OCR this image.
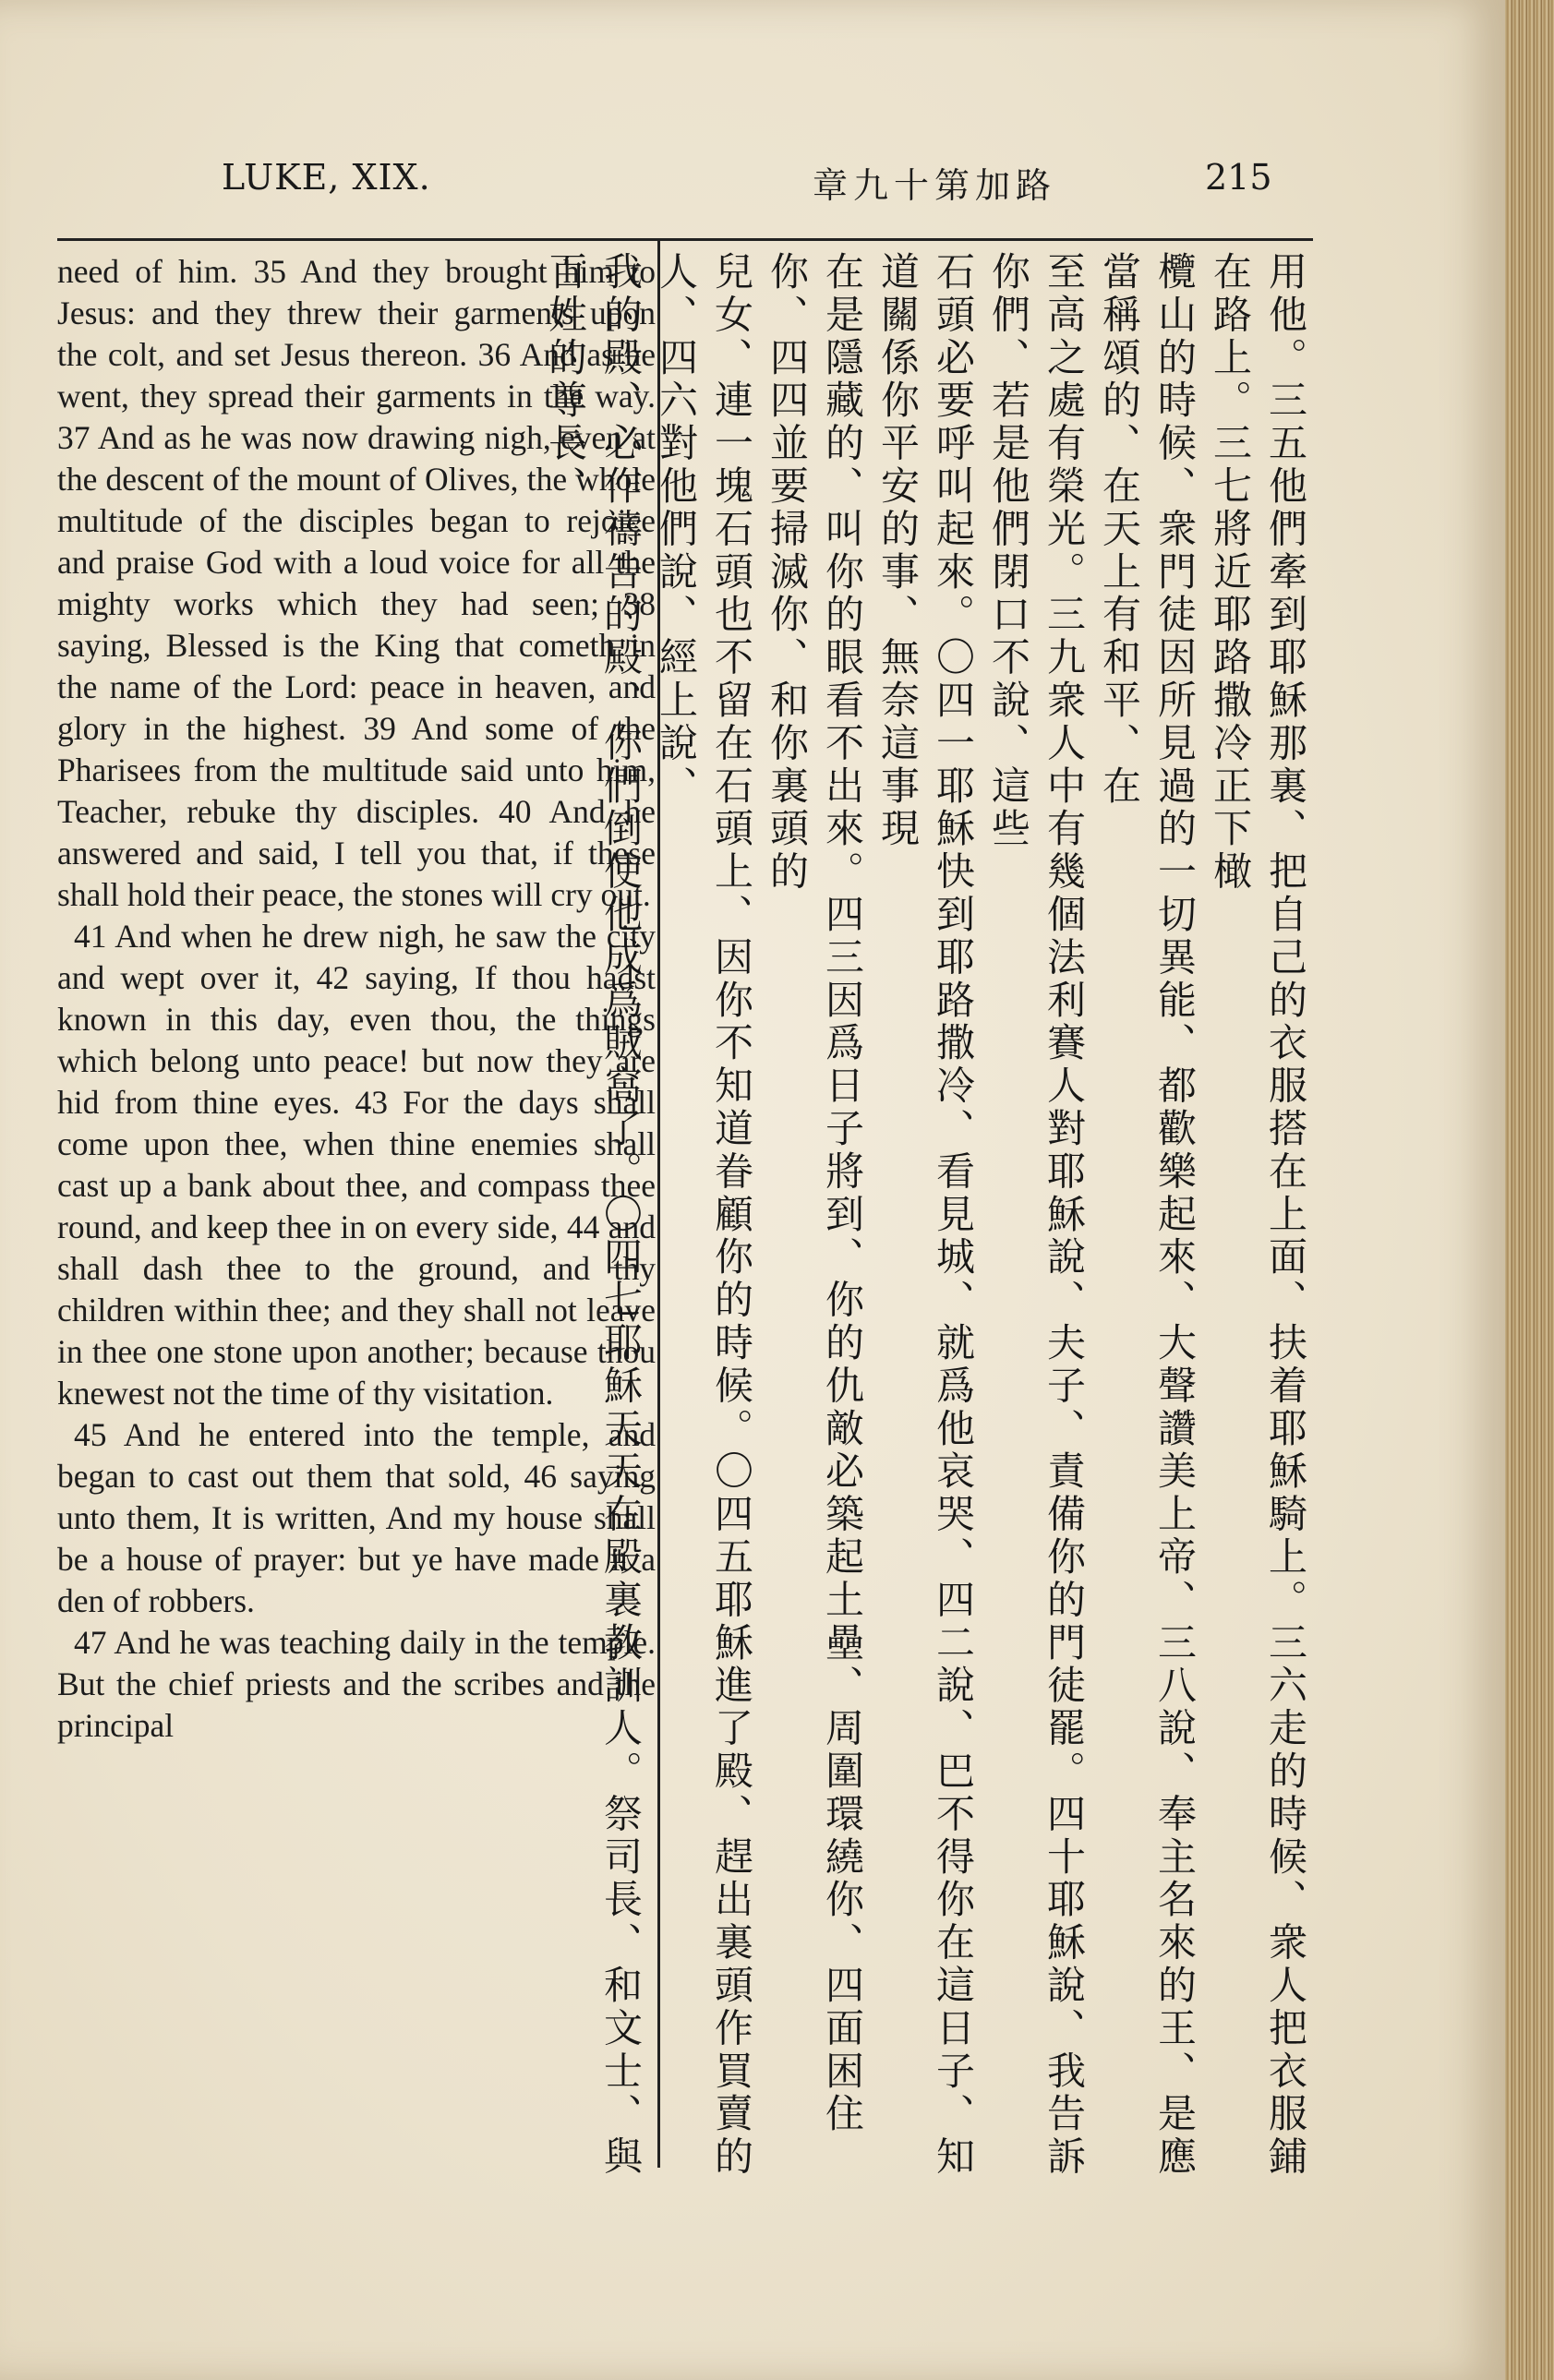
LUKE, XIX.	章九十第加路	215

need of him. 35 And they brought him to Jesus: and they threw their garments upon the colt, and set Jesus thereon. 36 And as he went, they spread their garments in the way. 37 And as he was now drawing nigh, even at the descent of the mount of Olives, the whole multitude of the disciples began to rejoice and praise God with a loud voice for all the mighty works which they had seen; 38 saying, Blessed is the King that cometh in the name of the Lord: peace in heaven, and glory in the highest. 39 And some of the Pharisees from the multitude said unto him, Teacher, rebuke thy disciples. 40 And he answered and said, I tell you that, if these shall hold their peace, the stones will cry out.

41 And when he drew nigh, he saw the city and wept over it, 42 saying, If thou hadst known in this day, even thou, the things which belong unto peace! but now they are hid from thine eyes. 43 For the days shall come upon thee, when thine enemies shall cast up a bank about thee, and compass thee round, and keep thee in on every side, 44 and shall dash thee to the ground, and thy children within thee; and they shall not leave in thee one stone upon another; because thou knewest not the time of thy visitation.

45 And he entered into the temple, and began to cast out them that sold, 46 saying unto them, It is written, And my house shall be a house of prayer: but ye have made it a den of robbers.

47 And he was teaching daily in the temple. But the chief priests and the scribes and the principal	用他。三五他們牽到耶穌那裏、把自己的衣服搭在上面、扶着耶穌騎上。三六走的時候、衆人把衣服鋪在路上。三七將近耶路撒冷正下橄
欖山的時候、衆門徒因所見過的一切異能、都歡樂起來、大聲讚美上帝、三八說、奉主名來的王、是應當稱頌的、在天上有和平、在
至高之處有榮光。三九衆人中有幾個法利賽人對耶穌說、夫子、責備你的門徒罷。四十耶穌說、我告訴你們、若是他們閉口不說、這些
石頭必要呼叫起來。〇四一耶穌快到耶路撒冷、看見城、就爲他哀哭、四二說、巴不得你在這日子、知道關係你平安的事、無奈這事現
在是隱藏的、叫你的眼看不出來。四三因爲日子將到、你的仇敵必築起土壘、周圍環繞你、四面困住你、四四並要掃滅你、和你裏頭的
兒女、連一塊石頭也不留在石頭上、因你不知道眷顧你的時候。〇四五耶穌進了殿、趕出裏頭作買賣的人、四六對他們說、經上說、
我的殿、必作禱告的殿、你們倒使他成爲賊窩了。〇四七耶穌天天在殿裏教訓人。祭司長、和文士、與百姓的尊長、
